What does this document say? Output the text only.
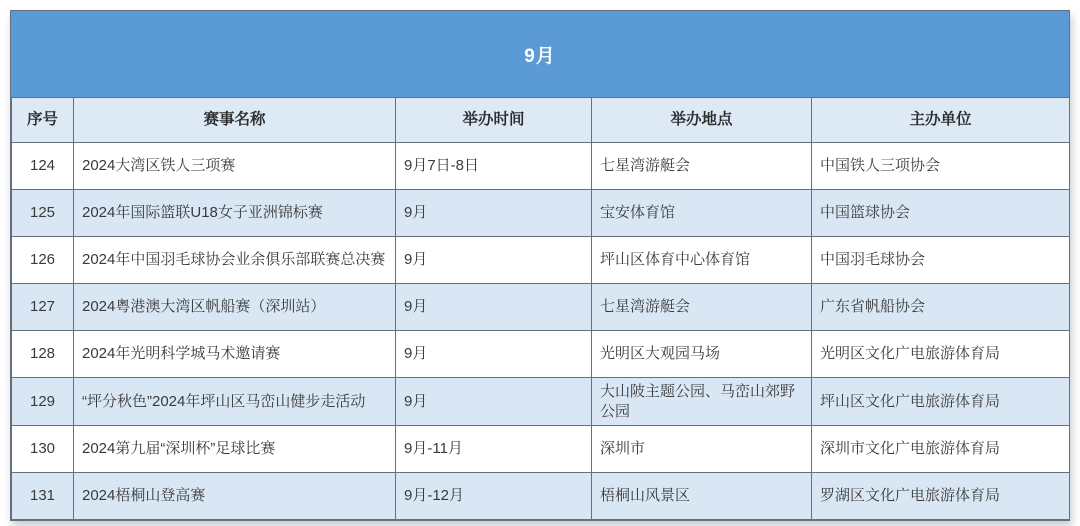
9月
序号	赛事名称	举办时间	举办地点	主办单位
124	2024大湾区铁人三项赛	9月7日-8日	七星湾游艇会	中国铁人三项协会
125	2024年国际篮联U18女子亚洲锦标赛	9月	宝安体育馆	中国篮球协会
126	2024年中国羽毛球协会业余俱乐部联赛总决赛	9月	坪山区体育中心体育馆	中国羽毛球协会
127	2024粤港澳大湾区帆船赛（深圳站）	9月	七星湾游艇会	广东省帆船协会
128	2024年光明科学城马术邀请赛	9月	光明区大观园马场	光明区文化广电旅游体育局
129	“坪分秋色”2024年坪山区马峦山健步走活动	9月	大山陂主题公园、马峦山郊野公园	坪山区文化广电旅游体育局
130	2024第九届“深圳杯”足球比赛	9月-11月	深圳市	深圳市文化广电旅游体育局
131	2024梧桐山登高赛	9月-12月	梧桐山风景区	罗湖区文化广电旅游体育局
